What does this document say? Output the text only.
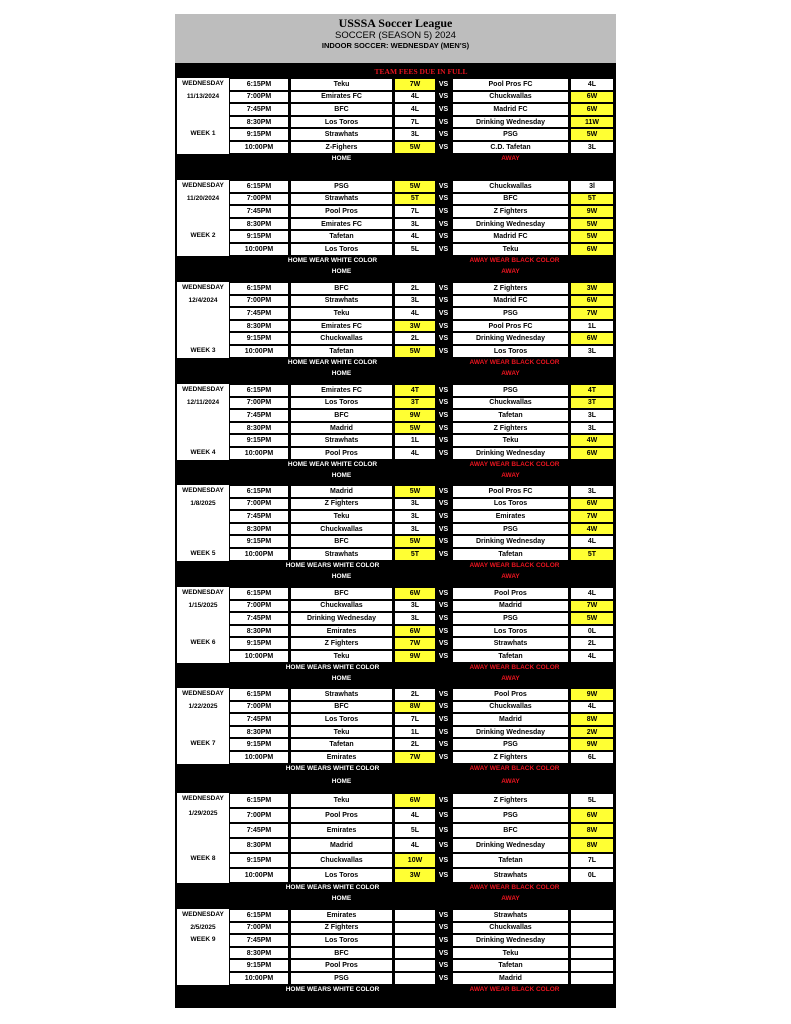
USSSA Soccer League
SOCCER (SEASON 5) 2024
INDOOR SOCCER: WEDNESDAY (MEN'S)
TEAM FEES DUE IN FULL
WEDNESDAY
11/13/2024
WEEK 1
6:15PM	Teku	7W	VS	Pool Pros FC	4L
7:00PM	Emirates FC	4L	VS	Chuckwallas	6W
7:45PM	BFC	4L	VS	Madrid FC	6W
8:30PM	Los Toros	7L	VS	Drinking Wednesday	11W
9:15PM	Strawhats	3L	VS	PSG	5W
10:00PM	Z-Fighers	5W	VS	C.D. Tafetan	3L
HOME	AWAY
WEDNESDAY
11/20/2024
WEEK 2
6:15PM	PSG	5W	VS	Chuckwallas	3l
7:00PM	Strawhats	5T	VS	BFC	5T
7:45PM	Pool Pros	7L	VS	Z Fighters	9W
8:30PM	Emirates FC	3L	VS	Drinking Wednesday	5W
9:15PM	Tafetan	4L	VS	Madrid FC	5W
10:00PM	Los Toros	5L	VS	Teku	6W
HOME WEAR WHITE COLOR	AWAY WEAR BLACK COLOR
HOME	AWAY
WEDNESDAY
12/4/2024
WEEK 3
6:15PM	BFC	2L	VS	Z Fighters	3W
7:00PM	Strawhats	3L	VS	Madrid FC	6W
7:45PM	Teku	4L	VS	PSG	7W
8:30PM	Emirates FC	3W	VS	Pool Pros FC	1L
9:15PM	Chuckwallas	2L	VS	Drinking Wednesday	6W
10:00PM	Tafetan	5W	VS	Los Toros	3L
HOME WEAR WHITE COLOR	AWAY WEAR BLACK COLOR
HOME	AWAY
WEDNESDAY
12/11/2024
WEEK 4
6:15PM	Emirates FC	4T	VS	PSG	4T
7:00PM	Los Toros	3T	VS	Chuckwallas	3T
7:45PM	BFC	9W	VS	Tafetan	3L
8:30PM	Madrid	5W	VS	Z Fighters	3L
9:15PM	Strawhats	1L	VS	Teku	4W
10:00PM	Pool Pros	4L	VS	Drinking Wednesday	6W
HOME WEAR WHITE COLOR	AWAY WEAR BLACK COLOR
HOME	AWAY
WEDNESDAY
1/8/2025
WEEK 5
6:15PM	Madrid	5W	VS	Pool Pros FC	3L
7:00PM	Z Fighters	3L	VS	Los Toros	6W
7:45PM	Teku	3L	VS	Emirates	7W
8:30PM	Chuckwallas	3L	VS	PSG	4W
9:15PM	BFC	5W	VS	Drinking Wednesday	4L
10:00PM	Strawhats	5T	VS	Tafetan	5T
HOME WEARS WHITE COLOR	AWAY WEAR BLACK COLOR
HOME	AWAY
WEDNESDAY
1/15/2025
WEEK 6
6:15PM	BFC	6W	VS	Pool Pros	4L
7:00PM	Chuckwallas	3L	VS	Madrid	7W
7:45PM	Drinking Wednesday	3L	VS	PSG	5W
8:30PM	Emirates	6W	VS	Los Toros	0L
9:15PM	Z Fighters	7W	VS	Strawhats	2L
10:00PM	Teku	9W	VS	Tafetan	4L
HOME WEARS WHITE COLOR	AWAY WEAR BLACK COLOR
HOME	AWAY
WEDNESDAY
1/22/2025
WEEK 7
6:15PM	Strawhats	2L	VS	Pool Pros	9W
7:00PM	BFC	8W	VS	Chuckwallas	4L
7:45PM	Los Toros	7L	VS	Madrid	8W
8:30PM	Teku	1L	VS	Drinking Wednesday	2W
9:15PM	Tafetan	2L	VS	PSG	9W
10:00PM	Emirates	7W	VS	Z Fighters	6L
HOME WEARS WHITE COLOR	AWAY WEAR BLACK COLOR
HOME	AWAY
WEDNESDAY
1/29/2025
WEEK 8
6:15PM	Teku	6W	VS	Z Fighters	5L
7:00PM	Pool Pros	4L	VS	PSG	6W
7:45PM	Emirates	5L	VS	BFC	8W
8:30PM	Madrid	4L	VS	Drinking Wednesday	8W
9:15PM	Chuckwallas	10W	VS	Tafetan	7L
10:00PM	Los Toros	3W	VS	Strawhats	0L
HOME WEARS WHITE COLOR	AWAY WEAR BLACK COLOR
HOME	AWAY
WEDNESDAY
2/5/2025
WEEK 9
6:15PM	Emirates	VS	Strawhats
7:00PM	Z Fighters	VS	Chuckwallas
7:45PM	Los Toros	VS	Drinking Wednesday
8:30PM	BFC	VS	Teku
9:15PM	Pool Pros	VS	Tafetan
10:00PM	PSG	VS	Madrid
HOME WEARS WHITE COLOR	AWAY WEAR BLACK COLOR
